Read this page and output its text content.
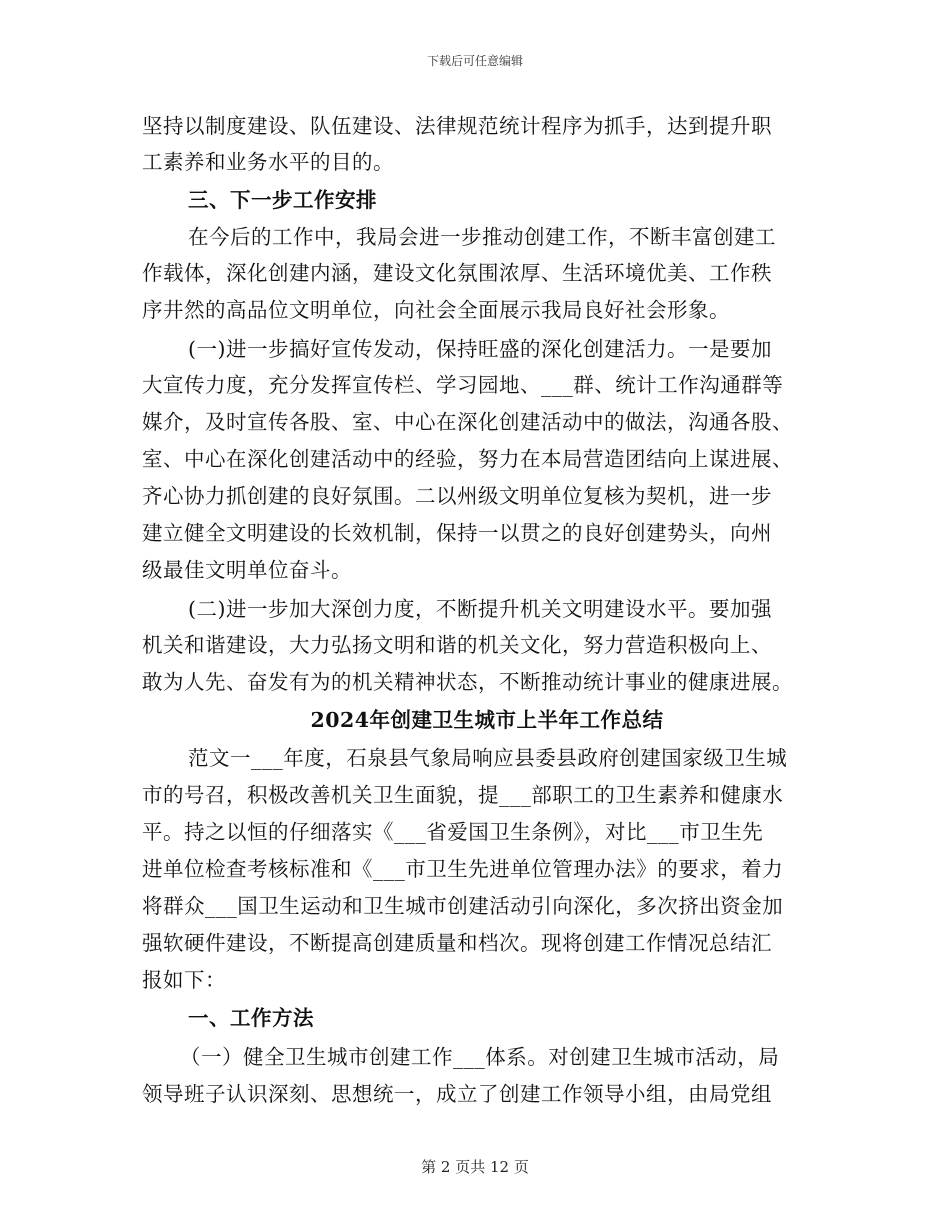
下载后可任意编辑
坚持以制度建设、队伍建设、法律规范统计程序为抓手，达到提升职
工素养和业务水平的目的。
三、下一步工作安排
在今后的工作中，我局会进一步推动创建工作，不断丰富创建工
作载体，深化创建内涵，建设文化氛围浓厚、生活环境优美、工作秩
序井然的高品位文明单位，向社会全面展示我局良好社会形象。
(一)进一步搞好宣传发动，保持旺盛的深化创建活力。一是要加
大宣传力度，充分发挥宣传栏、学习园地、___群、统计工作沟通群等
媒介，及时宣传各股、室、中心在深化创建活动中的做法，沟通各股、
室、中心在深化创建活动中的经验，努力在本局营造团结向上谋进展、
齐心协力抓创建的良好氛围。二以州级文明单位复核为契机，进一步
建立健全文明建设的长效机制，保持一以贯之的良好创建势头，向州
级最佳文明单位奋斗。
(二)进一步加大深创力度，不断提升机关文明建设水平。要加强
机关和谐建设，大力弘扬文明和谐的机关文化，努力营造积极向上、
敢为人先、奋发有为的机关精神状态，不断推动统计事业的健康进展。
2024年创建卫生城市上半年工作总结
范文一___年度，石泉县气象局响应县委县政府创建国家级卫生城
市的号召，积极改善机关卫生面貌，提___部职工的卫生素养和健康水
平。持之以恒的仔细落实《___省爱国卫生条例》，对比___市卫生先
进单位检查考核标准和《___市卫生先进单位管理办法》的要求，着力
将群众___国卫生运动和卫生城市创建活动引向深化，多次挤出资金加
强软硬件建设，不断提高创建质量和档次。现将创建工作情况总结汇
报如下：
一、工作方法
（一）健全卫生城市创建工作___体系。对创建卫生城市活动，局
领导班子认识深刻、思想统一，成立了创建工作领导小组，由局党组
第 2 页共 12 页
